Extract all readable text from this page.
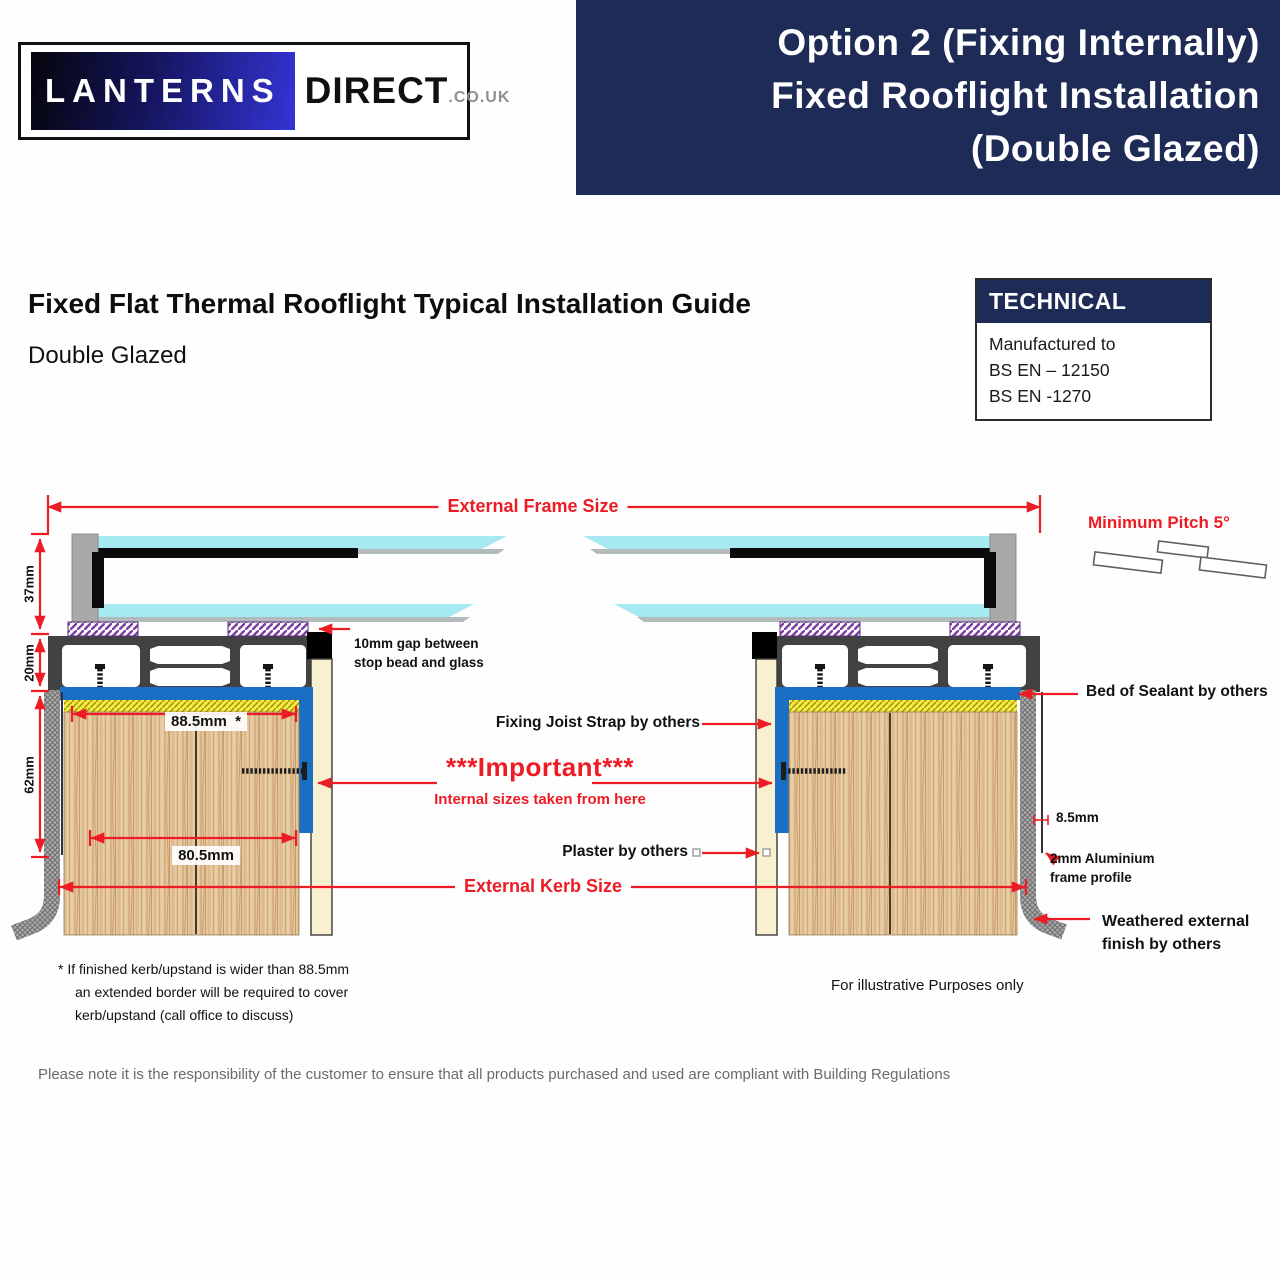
Option 2 (Fixing Internally)
Fixed Rooflight Installation
(Double Glazed)
LANTERNS DIRECT .CO.UK
Fixed Flat Thermal Rooflight Typical Installation Guide
Double Glazed
TECHNICAL
Manufactured to
BS EN – 12150
BS EN -1270
External Frame Size
Minimum Pitch 5°
37mm
20mm
62mm
10mm gap between
stop bead and glass
88.5mm  *
80.5mm
Fixing Joist Strap by others
***Important***
Internal sizes taken from here
Plaster by others
External Kerb Size
Bed of Sealant by others
8.5mm
2mm Aluminium
frame profile
Weathered external
finish by others
For illustrative Purposes only
* If finished kerb/upstand is wider than 88.5mm
an extended border will be required to cover
kerb/upstand (call office to discuss)
Please note it is the responsibility of the customer to ensure that all products purchased and used are compliant with Building Regulations
